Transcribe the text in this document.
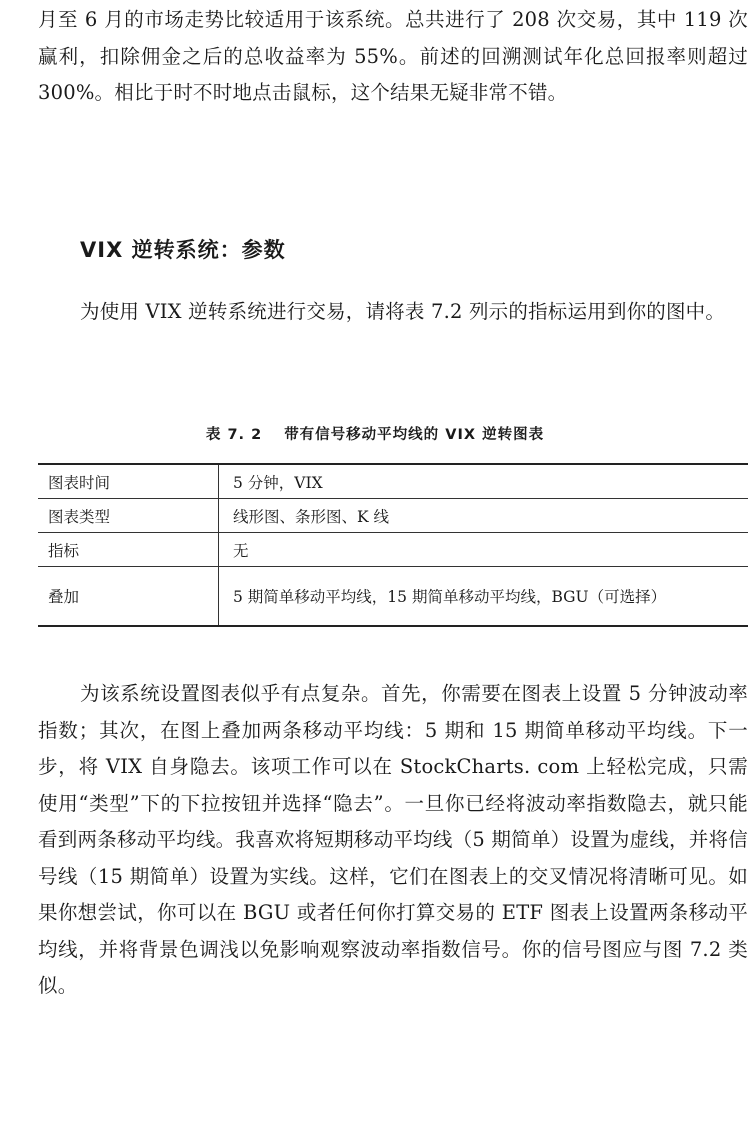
月至 6 月的市场走势比较适用于该系统。总共进行了 208 次交易，其中 119 次赢利，扣除佣金之后的总收益率为 55%。前述的回溯测试年化总回报率则超过 300%。相比于时不时地点击鼠标，这个结果无疑非常不错。

VIX 逆转系统：参数

为使用 VIX 逆转系统进行交易，请将表 7.2 列示的指标运用到你的图中。

表 7. 2 带有信号移动平均线的 VIX 逆转图表
图表时间	5 分钟，VIX
图表类型	线形图、条形图、K 线
指标	无
叠加	5 期简单移动平均线，15 期简单移动平均线，BGU（可选择）

为该系统设置图表似乎有点复杂。首先，你需要在图表上设置 5 分钟波动率指数；其次，在图上叠加两条移动平均线：5 期和 15 期简单移动平均线。下一步，将 VIX 自身隐去。该项工作可以在 StockCharts. com 上轻松完成，只需使用“类型”下的下拉按钮并选择“隐去”。一旦你已经将波动率指数隐去，就只能看到两条移动平均线。我喜欢将短期移动平均线（5 期简单）设置为虚线，并将信号线（15 期简单）设置为实线。这样，它们在图表上的交叉情况将清晰可见。如果你想尝试，你可以在 BGU 或者任何你打算交易的 ETF 图表上设置两条移动平均线，并将背景色调浅以免影响观察波动率指数信号。你的信号图应与图 7.2 类似。
